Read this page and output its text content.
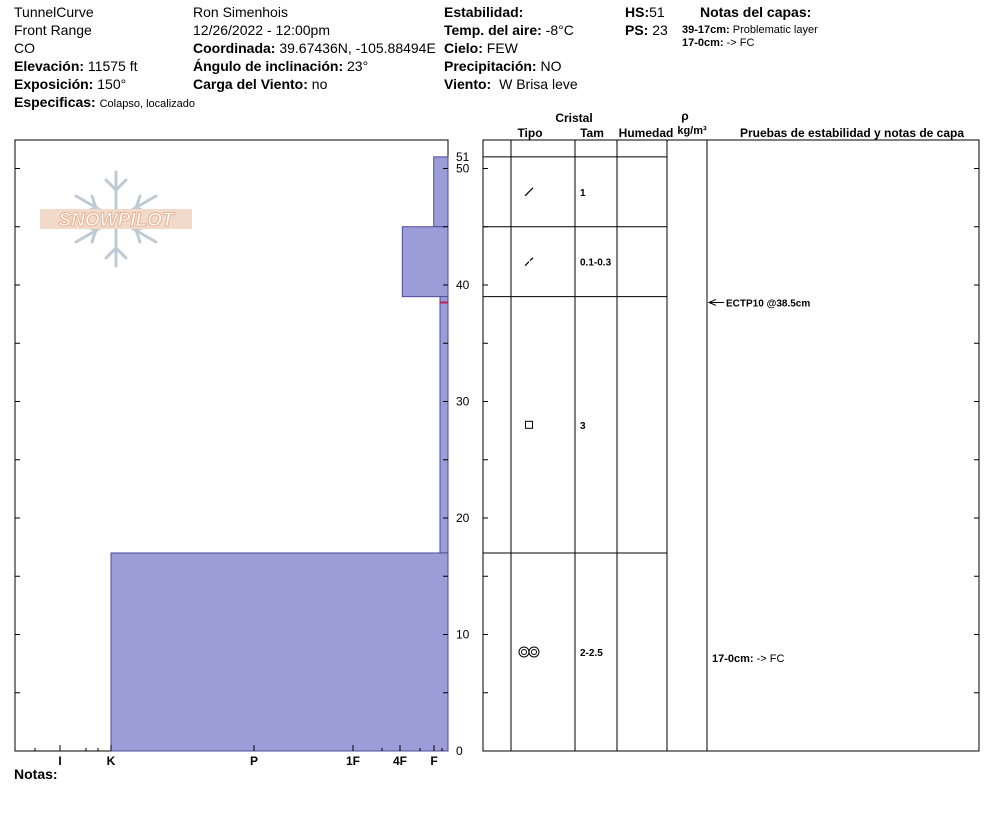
TunnelCurve
Front Range
CO
Elevación: 11575 ft
Exposición: 150°
Especificas: Colapso, localizado
Ron Simenhois
12/26/2022 - 12:00pm
Coordinada: 39.67436N, -105.88494E
Ángulo de inclinación: 23°
Carga del Viento: no
Estabilidad:
Temp. del aire: -8°C
Cielo: FEW
Precipitación: NO
Viento: W Brisa leve
HS:51
PS: 23
Notas del capas:
39-17cm: Problematic layer
17-0cm: -> FC
SNOWPILOT
I	K	P	1F	4F F
0
10
20
30
40
50
51
1
0.1-0.3
3
2-2.5
ECTP10 @38.5cm
17-0cm: -> FC
Cristal
Tipo	Tam Humedad
ρ
kg/m³	Pruebas de estabilidad y notas de capa
Notas:
